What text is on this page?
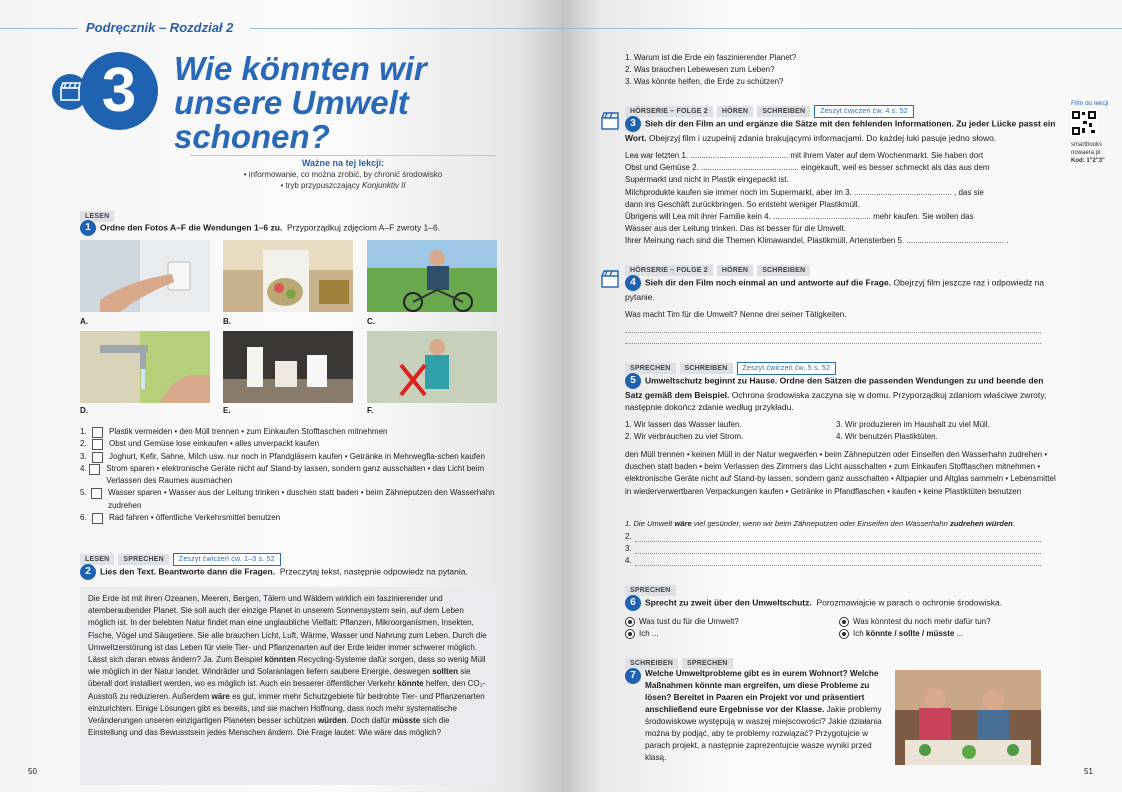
Podręcznik – Rozdział 2
3	Wie könnten wir
unsere Umwelt
schonen?
Ważne na tej lekcji:
• informowanie, co można zrobić, by chronić środowisko
• tryb przypuszczający Konjunktiv II
LESEN
1 Ordne den Fotos A–F die Wendungen 1–6 zu. Przyporządkuj zdjęciom A–F zwroty 1–6.
A.	B.	C.
D.	E.	F.
1.	Plastik vermeiden • den Müll trennen • zum Einkaufen Stofftaschen mitnehmen
2.	Obst und Gemüse lose einkaufen • alles unverpackt kaufen
3.	Joghurt, Kefir, Sahne, Milch usw. nur noch in Pfandgläsern kaufen • Getränke in Mehrwegfla-schen kaufen
4.	Strom sparen • elektronische Geräte nicht auf Stand-by lassen, sondern ganz ausschalten • das Licht beim Verlassen des Raumes ausmachen
5.	Wasser sparen • Wasser aus der Leitung trinken • duschen statt baden • beim Zähneputzen den Wasserhahn zudrehen
6.	Rad fahren • öffentliche Verkehrsmittel benutzen
LESEN SPRECHEN Zeszyt ćwiczeń ćw. 1–3 s. 52
2 Lies den Text. Beantworte dann die Fragen. Przeczytaj tekst, następnie odpowiedz na pytania.

Die Erde ist mit ihren Ozeanen, Meeren, Bergen, Tälern und Wäldern wirklich ein faszinierender und atemberaubender Planet. Sie soll auch der einzige Planet in unserem Sonnensystem sein, auf dem Leben möglich ist. In der belebten Natur findet man eine unglaubliche Vielfalt: Pflanzen, Mikroorganismen, Insekten, Fische, Vögel und Säugetiere. Sie alle brauchen Licht, Luft, Wärme, Wasser und Nahrung zum Leben. Durch die Umweltzerstörung ist das Leben für viele Tier- und Pflanzenarten auf der Erde leider immer schwerer möglich. Lässt sich daran etwas ändern? Ja. Zum Beispiel könnten Recycling-Systeme dafür sorgen, dass so wenig Müll wie möglich in der Natur landet. Windräder und Solaranlagen liefern saubere Energie, deswegen sollten sie überall dort installiert werden, wo es möglich ist. Auch ein besserer öffentlicher Verkehr könnte helfen, den CO₂-Ausstoß zu reduzieren. Außerdem wäre es gut, immer mehr Schutzgebiete für bedrohte Tier- und Pflanzenarten einzurichten. Einige Lösungen gibt es bereits, und sie machen Hoffnung, dass noch mehr systematische Veränderungen unseren einzigartigen Planeten besser schützen würden. Doch dafür müsste sich die Einstellung und das Bewusstsein jedes Menschen ändern. Die Frage lautet: Wie wäre das möglich?

50
1. Warum ist die Erde ein faszinierender Planet?
2. Was brauchen Lebewesen zum Leben?
3. Was könnte helfen, die Erde zu schützen?
HÖRSERIE – FOLGE 2 HÖREN SCHREIBEN Zeszyt ćwiczeń ćw. 4 s. 52
3 Sieh dir den Film an und ergänze die Sätze mit den fehlenden Informationen. Zu jeder Lücke passt ein Wort. Obejrzyj film i uzupełnij zdania brakującymi informacjami. Do każdej luki pasuje jedno słowo.
Lea war letzten 1. ............................................ mit ihrem Vater auf dem Wochenmarkt. Sie haben dort
Obst und Gemüse 2. ............................................ eingekauft, weil es besser schmeckt als das aus dem
Supermarkt und nicht in Plastik eingepackt ist.
Milchprodukte kaufen sie immer noch im Supermarkt, aber im 3. ............................................ , das sie
dann ins Geschäft zurückbringen. So entsteht weniger Plastikmüll.
Übrigens will Lea mit ihrer Familie kein 4. ............................................ mehr kaufen. Sie wollen das
Wasser aus der Leitung trinken. Das ist besser für die Umwelt.
Ihrer Meinung nach sind die Themen Klimawandel, Plastikmüll, Artensterben 5. ............................................ .
Film do lekcji
smartbooks nowaera.pl
Kod: 1"2"3"
HÖRSERIE – FOLGE 2 HÖREN SCHREIBEN
4 Sieh dir den Film noch einmal an und antworte auf die Frage. Obejrzyj film jeszcze raz i odpowiedz na pytanie.
Was macht Tim für die Umwelt? Nenne drei seiner Tätigkeiten.
SPRECHEN SCHREIBEN Zeszyt ćwiczeń ćw. 5 s. 52
5 Umweltschutz beginnt zu Hause. Ordne den Sätzen die passenden Wendungen zu und beende den Satz gemäß dem Beispiel. Ochrona środowiska zaczyna się w domu. Przyporządkuj zdaniom właściwe zwroty, następnie dokończ zdanie według przykładu.
1. Wir lassen das Wasser laufen.
2. Wir verbrauchen zu viel Strom.
3. Wir produzieren im Haushalt zu viel Müll.
4. Wir benutzen Plastiktüten.
den Müll trennen • keinen Müll in der Natur wegwerfen • beim Zähneputzen oder Einseifen den Wasserhahn zudrehen • duschen statt baden • beim Verlassen des Zimmers das Licht ausschalten • zum Einkaufen Stofftaschen mitnehmen • elektronische Geräte nicht auf Stand-by lassen, sondern ganz ausschalten • Altpapier und Altglas sammeln • Lebensmittel in wiederverwertbaren Verpackungen kaufen • Getränke in Pfandflaschen • kaufen • keine Plastiktüten benutzen
1. Die Umwelt wäre viel gesünder, wenn wir beim Zähneputzen oder Einseifen den Wasserhahn zudrehen würden.
2.
3.
4.
SPRECHEN
6 Sprecht zu zweit über den Umweltschutz. Porozmawiajcie w parach o ochronie środowiska.
Was tust du für die Umwelt?
Ich ...
Was könntest du noch mehr dafür tun?
Ich könnte / sollte / müsste ...
SCHREIBEN SPRECHEN
7	Welche Umweltprobleme gibt es in eurem Wohnort? Welche Maßnahmen könnte man ergreifen, um diese Probleme zu lösen? Bereitet in Paaren ein Projekt vor und präsentiert anschließend eure Ergebnisse vor der Klasse. Jakie problemy środowiskowe występują w waszej miejscowości? Jakie działania można by podjąć, aby te problemy rozwiązać? Przygotujcie w parach projekt, a następnie zaprezentujcie wasze wyniki przed klasą.
51
